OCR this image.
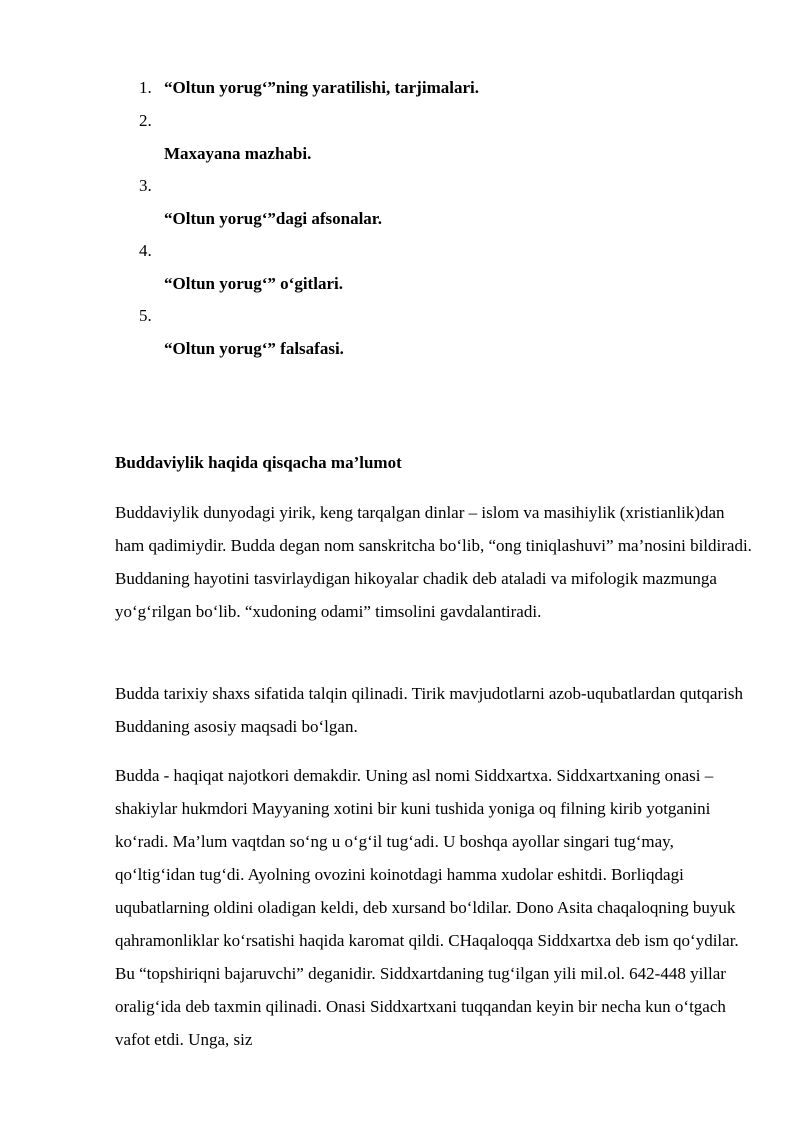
1. “Oltun yorug‘”ning yaratilishi, tarjimalari.
2.
Maxayana mazhabi.
3.
“Oltun yorug‘”dagi afsonalar.
4.
“Oltun yorug‘” o‘gitlari.
5.
“Oltun yorug‘” falsafasi.
Buddaviylik haqida qisqacha ma’lumot

Buddaviylik dunyodagi yirik, keng tarqalgan dinlar – islom va masihiylik (xristianlik)dan ham qadimiydir. Budda degan nom sanskritcha bo‘lib, “ong tiniqlashuvi” ma’nosini bildiradi. Buddaning hayotini tasvirlaydigan hikoyalar chadik deb ataladi va mifologik mazmunga yo‘g‘rilgan bo‘lib. “xudoning odami” timsolini gavdalantiradi.

Budda tarixiy shaxs sifatida talqin qilinadi. Tirik mavjudotlarni azob-uqubatlardan qutqarish Buddaning asosiy maqsadi bo‘lgan.

Budda - haqiqat najotkori demakdir. Uning asl nomi Siddxartxa. Siddxartxaning onasi – shakiylar hukmdori Mayyaning xotini bir kuni tushida yoniga oq filning kirib yotganini ko‘radi. Ma’lum vaqtdan so‘ng u o‘g‘il tug‘adi. U boshqa ayollar singari tug‘may, qo‘ltig‘idan tug‘di. Ayolning ovozini koinotdagi hamma xudolar eshitdi. Borliqdagi uqubatlarning oldini oladigan keldi, deb xursand bo‘ldilar. Dono Asita chaqaloqning buyuk qahramonliklar ko‘rsatishi haqida karomat qildi. CHaqaloqqa Siddxartxa deb ism qo‘ydilar. Bu “topshiriqni bajaruvchi” deganidir. Siddxartdaning tug‘ilgan yili mil.ol. 642-448 yillar oralig‘ida deb taxmin qilinadi. Onasi Siddxartxani tuqqandan keyin bir necha kun o‘tgach vafot etdi. Unga, siz
